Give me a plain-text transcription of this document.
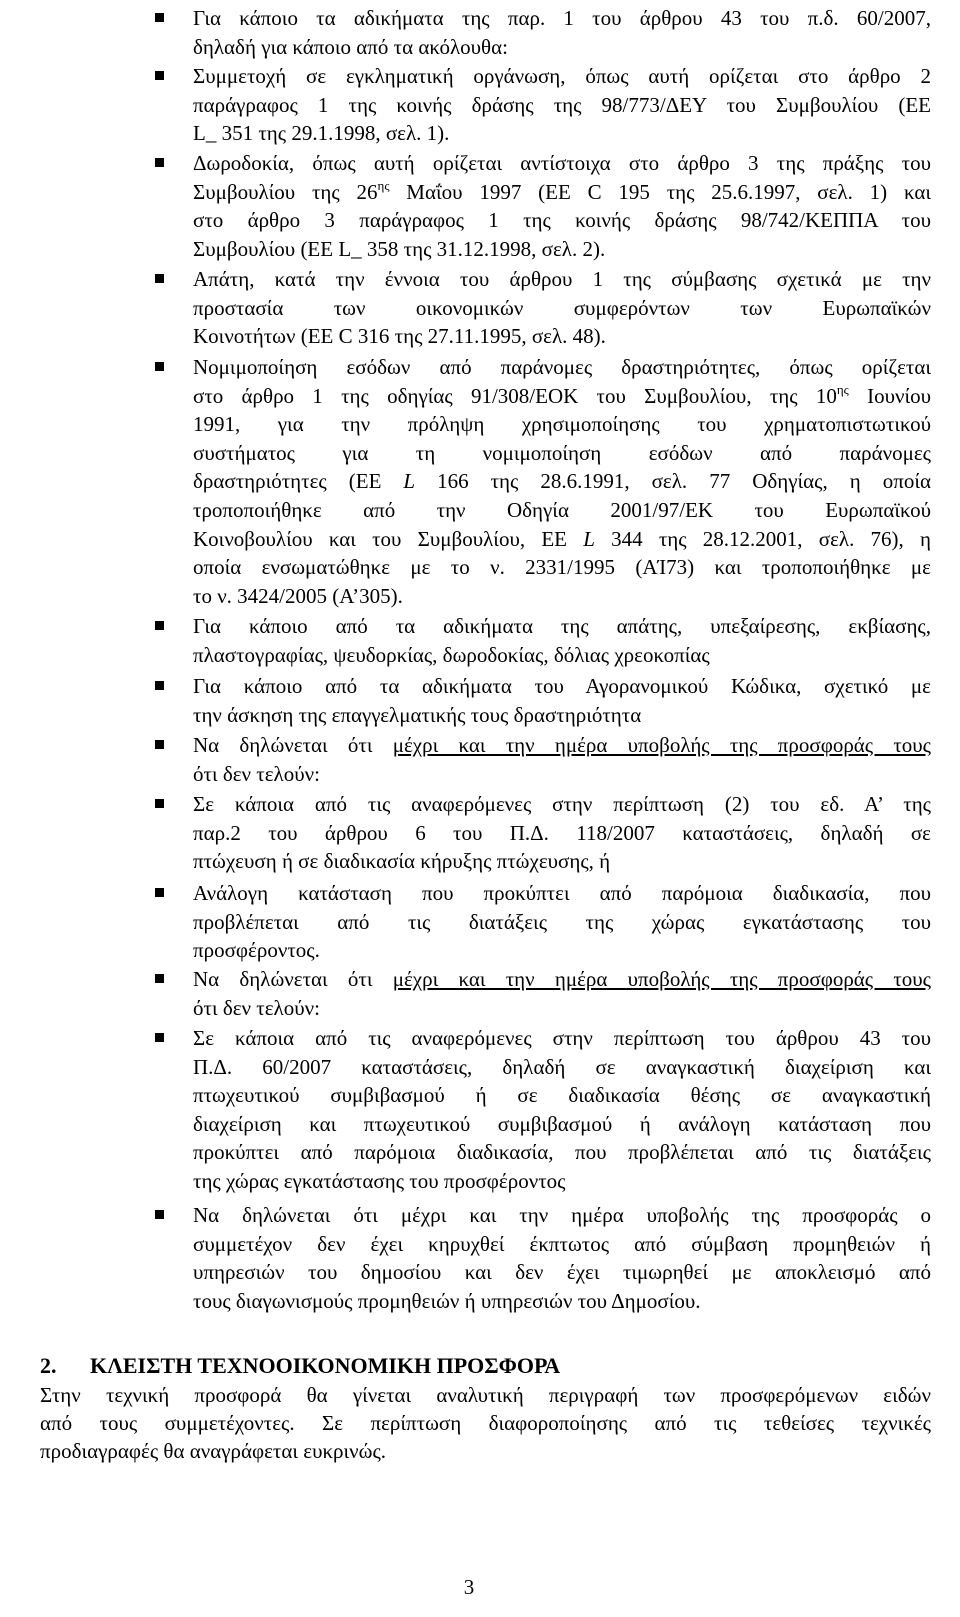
Για κάποιο τα αδικήματα της παρ. 1 του άρθρου 43 του π.δ. 60/2007,
δηλαδή για κάποιο από τα ακόλουθα:
Συμμετοχή σε εγκληματική οργάνωση, όπως αυτή ορίζεται στο άρθρο 2
παράγραφος 1 της κοινής δράσης της 98/773/ΔΕΥ του Συμβουλίου (ΕΕ
L_ 351 της 29.1.1998, σελ. 1).
Δωροδοκία, όπως αυτή ορίζεται αντίστοιχα στο άρθρο 3 της πράξης του
Συμβουλίου της $26^{\eta\varsigma}$ Μαΐου 1997 (ΕΕ C 195 της 25.6.1997, σελ. 1) και
στο άρθρο 3 παράγραφος 1 της κοινής δράσης 98/742/ΚΕΠΠΑ του
Συμβουλίου (ΕΕ L_ 358 της 31.12.1998, σελ. 2).
Απάτη, κατά την έννοια του άρθρου 1 της σύμβασης σχετικά με την
προστασία των οικονομικών συμφερόντων των Ευρωπαϊκών
Κοινοτήτων (ΕΕ C 316 της 27.11.1995, σελ. 48).
Νομιμοποίηση εσόδων από παράνομες δραστηριότητες, όπως ορίζεται
στο άρθρο 1 της οδηγίας 91/308/ΕΟΚ του Συμβουλίου, της $10^{\eta\varsigma}$ Ιουνίου
1991, για την πρόληψη χρησιμοποίησης του χρηματοπιστωτικού
συστήματος για τη νομιμοποίηση εσόδων από παράνομες
δραστηριότητες (ΕΕ L 166 της 28.6.1991, σελ. 77 Οδηγίας, η οποία
τροποποιήθηκε από την Οδηγία 2001/97/ΕΚ του Ευρωπαϊκού
Κοινοβουλίου και του Συμβουλίου, ΕΕ L 344 της 28.12.2001, σελ. 76), η
οποία ενσωματώθηκε με το ν. 2331/1995 (ΑΊ73) και τροποποιήθηκε με
το ν. 3424/2005 (Α’305).
Για κάποιο από τα αδικήματα της απάτης, υπεξαίρεσης, εκβίασης,
πλαστογραφίας, ψευδορκίας, δωροδοκίας, δόλιας χρεοκοπίας
Για κάποιο από τα αδικήματα του Αγορανομικού Κώδικα, σχετικό με
την άσκηση της επαγγελματικής τους δραστηριότητα
Να δηλώνεται ότι μέχρι και την ημέρα υποβολής της προσφοράς τους
ότι δεν τελούν:
Σε κάποια από τις αναφερόμενες στην περίπτωση (2) του εδ. Α’ της
παρ.2 του άρθρου 6 του Π.Δ. 118/2007 καταστάσεις, δηλαδή σε
πτώχευση ή σε διαδικασία κήρυξης πτώχευσης, ή
Ανάλογη κατάσταση που προκύπτει από παρόμοια διαδικασία, που
προβλέπεται από τις διατάξεις της χώρας εγκατάστασης του
προσφέροντος.
Να δηλώνεται ότι μέχρι και την ημέρα υποβολής της προσφοράς τους
ότι δεν τελούν:
Σε κάποια από τις αναφερόμενες στην περίπτωση του άρθρου 43 του
Π.Δ. 60/2007 καταστάσεις, δηλαδή σε αναγκαστική διαχείριση και
πτωχευτικού συμβιβασμού ή σε διαδικασία θέσης σε αναγκαστική
διαχείριση και πτωχευτικού συμβιβασμού ή ανάλογη κατάσταση που
προκύπτει από παρόμοια διαδικασία, που προβλέπεται από τις διατάξεις
της χώρας εγκατάστασης του προσφέροντος
Να δηλώνεται ότι μέχρι και την ημέρα υποβολής της προσφοράς ο
συμμετέχον δεν έχει κηρυχθεί έκπτωτος από σύμβαση προμηθειών ή
υπηρεσιών του δημοσίου και δεν έχει τιμωρηθεί με αποκλεισμό από
τους διαγωνισμούς προμηθειών ή υπηρεσιών του Δημοσίου.
2. ΚΛΕΙΣΤΗ ΤΕΧΝΟΟΙΚΟΝΟΜΙΚΗ ΠΡΟΣΦΟΡΑ
Στην τεχνική προσφορά θα γίνεται αναλυτική περιγραφή των προσφερόμενων ειδών
από τους συμμετέχοντες. Σε περίπτωση διαφοροποίησης από τις τεθείσες τεχνικές
προδιαγραφές θα αναγράφεται ευκρινώς.
3
